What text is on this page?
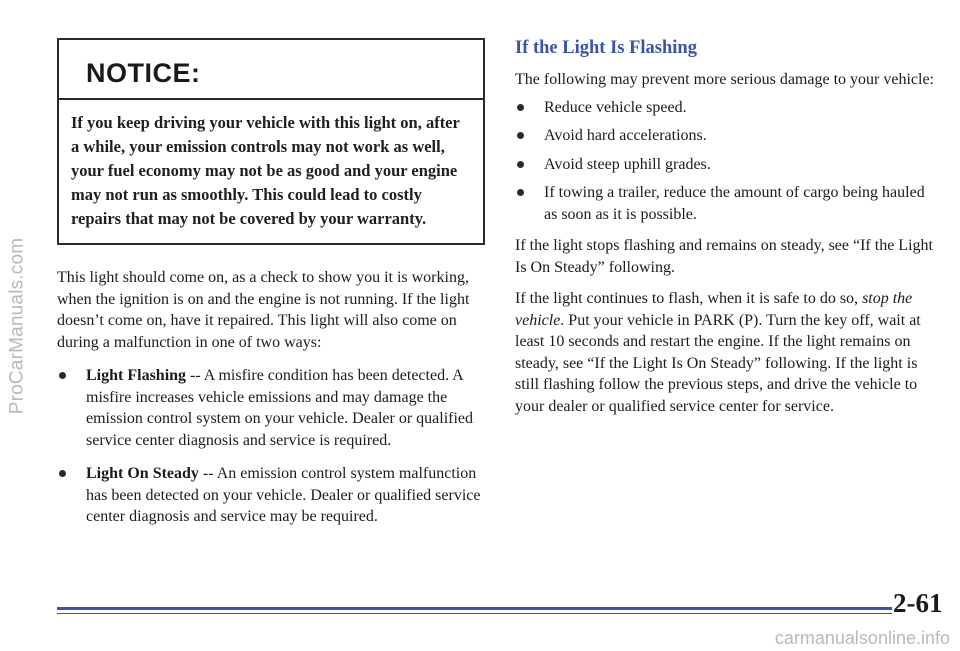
ProCarManuals.com
NOTICE:
If you keep driving your vehicle with this light on, after a while, your emission controls may not work as well, your fuel economy may not be as good and your engine may not run as smoothly. This could lead to costly repairs that may not be covered by your warranty.

This light should come on, as a check to show you it is working, when the ignition is on and the engine is not running. If the light doesn’t come on, have it repaired. This light will also come on during a malfunction in one of two ways:

Light Flashing -- A misfire condition has been detected. A misfire increases vehicle emissions and may damage the emission control system on your vehicle. Dealer or qualified service center diagnosis and service is required.
Light On Steady -- An emission control system malfunction has been detected on your vehicle. Dealer or qualified service center diagnosis and service may be required.
If the Light Is Flashing

The following may prevent more serious damage to your vehicle:

Reduce vehicle speed.
Avoid hard accelerations.
Avoid steep uphill grades.
If towing a trailer, reduce the amount of cargo being hauled as soon as it is possible.

If the light stops flashing and remains on steady, see “If the Light Is On Steady” following.

If the light continues to flash, when it is safe to do so, stop the vehicle. Put your vehicle in PARK (P). Turn the key off, wait at least 10 seconds and restart the engine. If the light remains on steady, see “If the Light Is On Steady” following. If the light is still flashing follow the previous steps, and drive the vehicle to your dealer or qualified service center for service.

2-61
carmanualsonline.info
